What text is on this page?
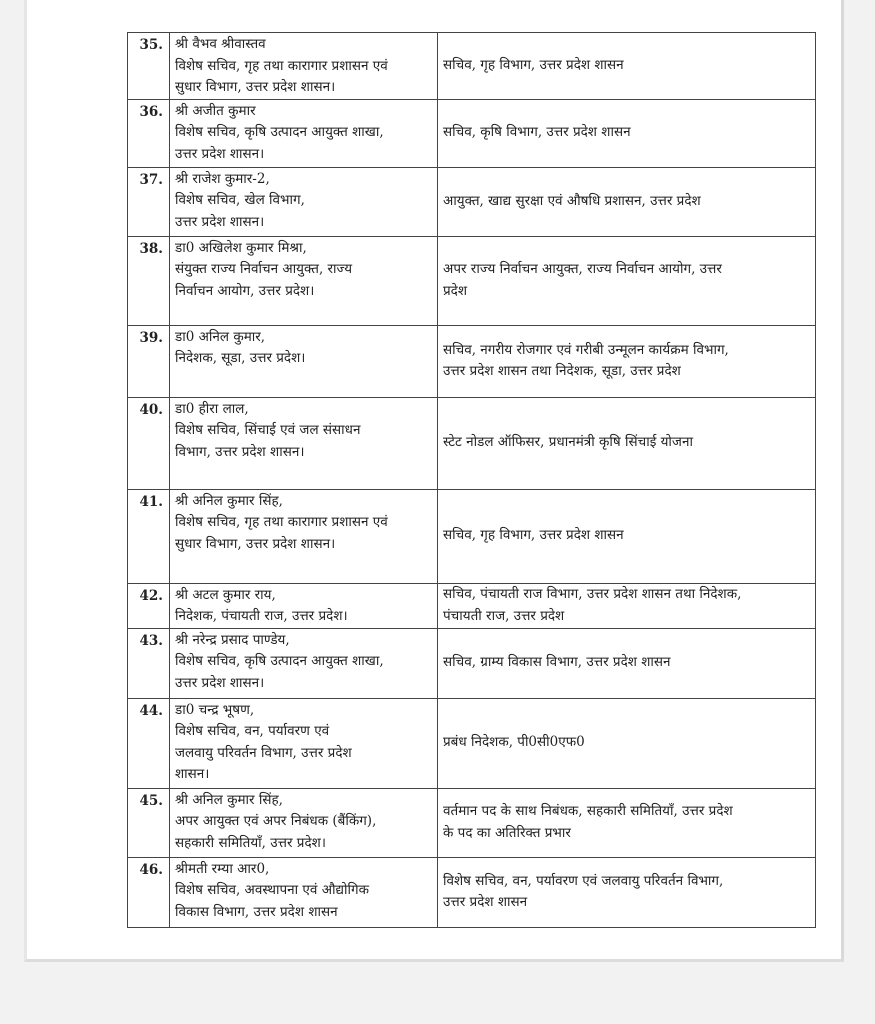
35.	श्री वैभव श्रीवास्तव
विशेष सचिव, गृह तथा कारागार प्रशासन एवं
सुधार विभाग, उत्तर प्रदेश शासन।	सचिव, गृह विभाग, उत्तर प्रदेश शासन

36.	श्री अजीत कुमार
विशेष सचिव, कृषि उत्पादन आयुक्त शाखा,
उत्तर प्रदेश शासन।	सचिव, कृषि विभाग, उत्तर प्रदेश शासन

37.	श्री राजेश कुमार-2,
विशेष सचिव, खेल विभाग,
उत्तर प्रदेश शासन।	आयुक्त, खाद्य सुरक्षा एवं औषधि प्रशासन, उत्तर प्रदेश

38.	डा0 अखिलेश कुमार मिश्रा,
संयुक्त राज्य निर्वाचन आयुक्त, राज्य
निर्वाचन आयोग, उत्तर प्रदेश।	अपर राज्य निर्वाचन आयुक्त, राज्य निर्वाचन आयोग, उत्तर
प्रदेश

39.	डा0 अनिल कुमार,
निदेशक, सूडा, उत्तर प्रदेश।	सचिव, नगरीय रोजगार एवं गरीबी उन्मूलन कार्यक्रम विभाग,
उत्तर प्रदेश शासन तथा निदेशक, सूडा, उत्तर प्रदेश

40.	डा0 हीरा लाल,
विशेष सचिव, सिंचाई एवं जल संसाधन
विभाग, उत्तर प्रदेश शासन।	स्टेट नोडल ऑफिसर, प्रधानमंत्री कृषि सिंचाई योजना

41.	श्री अनिल कुमार सिंह,
विशेष सचिव, गृह तथा कारागार प्रशासन एवं
सुधार विभाग, उत्तर प्रदेश शासन।	सचिव, गृह विभाग, उत्तर प्रदेश शासन

42.	श्री अटल कुमार राय,
निदेशक, पंचायती राज, उत्तर प्रदेश।	सचिव, पंचायती राज विभाग, उत्तर प्रदेश शासन तथा निदेशक,
पंचायती राज, उत्तर प्रदेश

43.	श्री नरेन्द्र प्रसाद पाण्डेय,
विशेष सचिव, कृषि उत्पादन आयुक्त शाखा,
उत्तर प्रदेश शासन।	सचिव, ग्राम्य विकास विभाग, उत्तर प्रदेश शासन

44.	डा0 चन्द्र भूषण,
विशेष सचिव, वन, पर्यावरण एवं
जलवायु परिवर्तन विभाग, उत्तर प्रदेश
शासन।	प्रबंध निदेशक, पी0सी0एफ0

45.	श्री अनिल कुमार सिंह,
अपर आयुक्त एवं अपर निबंधक (बैंकिंग),
सहकारी समितियाँ, उत्तर प्रदेश।	वर्तमान पद के साथ निबंधक, सहकारी समितियाँ, उत्तर प्रदेश
के पद का अतिरिक्त प्रभार

46.	श्रीमती रम्या आर0,
विशेष सचिव, अवस्थापना एवं औद्योगिक
विकास विभाग, उत्तर प्रदेश शासन	विशेष सचिव, वन, पर्यावरण एवं जलवायु परिवर्तन विभाग,
उत्तर प्रदेश शासन
